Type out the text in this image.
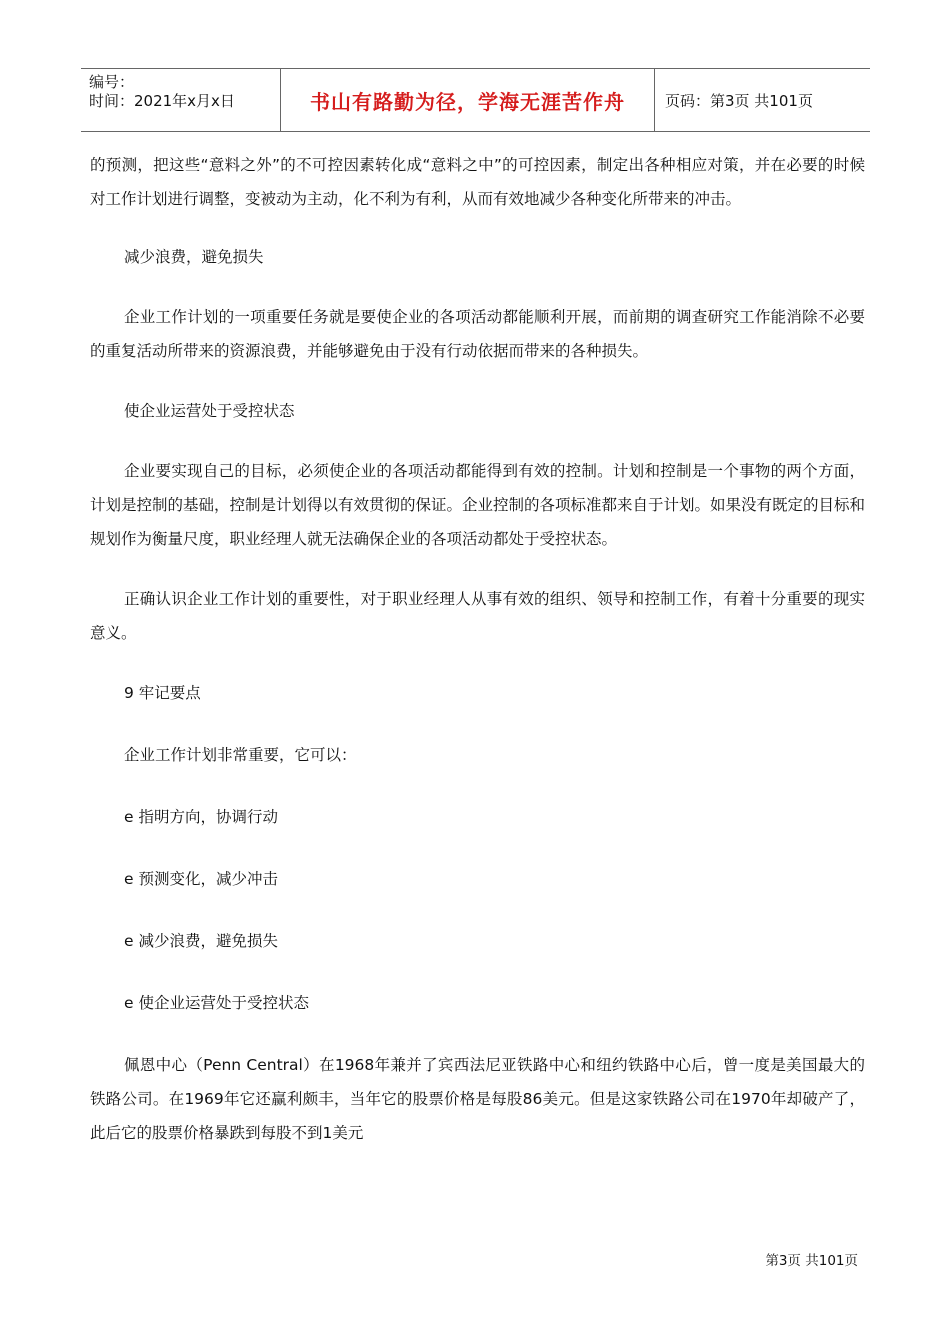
编号：
时间：2021年x月x日	书山有路勤为径，学海无涯苦作舟	页码：第3页 共101页

的预测，把这些“意料之外”的不可控因素转化成“意料之中”的可控因素，制定出各种相应对策，并在必要的时候对工作计划进行调整，变被动为主动，化不利为有利，从而有效地减少各种变化所带来的冲击。

减少浪费，避免损失

企业工作计划的一项重要任务就是要使企业的各项活动都能顺利开展，而前期的调查研究工作能消除不必要的重复活动所带来的资源浪费，并能够避免由于没有行动依据而带来的各种损失。

使企业运营处于受控状态

企业要实现自己的目标，必须使企业的各项活动都能得到有效的控制。计划和控制是一个事物的两个方面，计划是控制的基础，控制是计划得以有效贯彻的保证。企业控制的各项标准都来自于计划。如果没有既定的目标和规划作为衡量尺度，职业经理人就无法确保企业的各项活动都处于受控状态。

正确认识企业工作计划的重要性，对于职业经理人从事有效的组织、领导和控制工作，有着十分重要的现实意义。

9 牢记要点

企业工作计划非常重要，它可以：

e 指明方向，协调行动

e 预测变化，减少冲击

e 减少浪费，避免损失

e 使企业运营处于受控状态

佩恩中心（Penn Central）在1968年兼并了宾西法尼亚铁路中心和纽约铁路中心后，曾一度是美国最大的铁路公司。在1969年它还赢利颇丰，当年它的股票价格是每股86美元。但是这家铁路公司在1970年却破产了，此后它的股票价格暴跌到每股不到1美元

第3页 共101页
